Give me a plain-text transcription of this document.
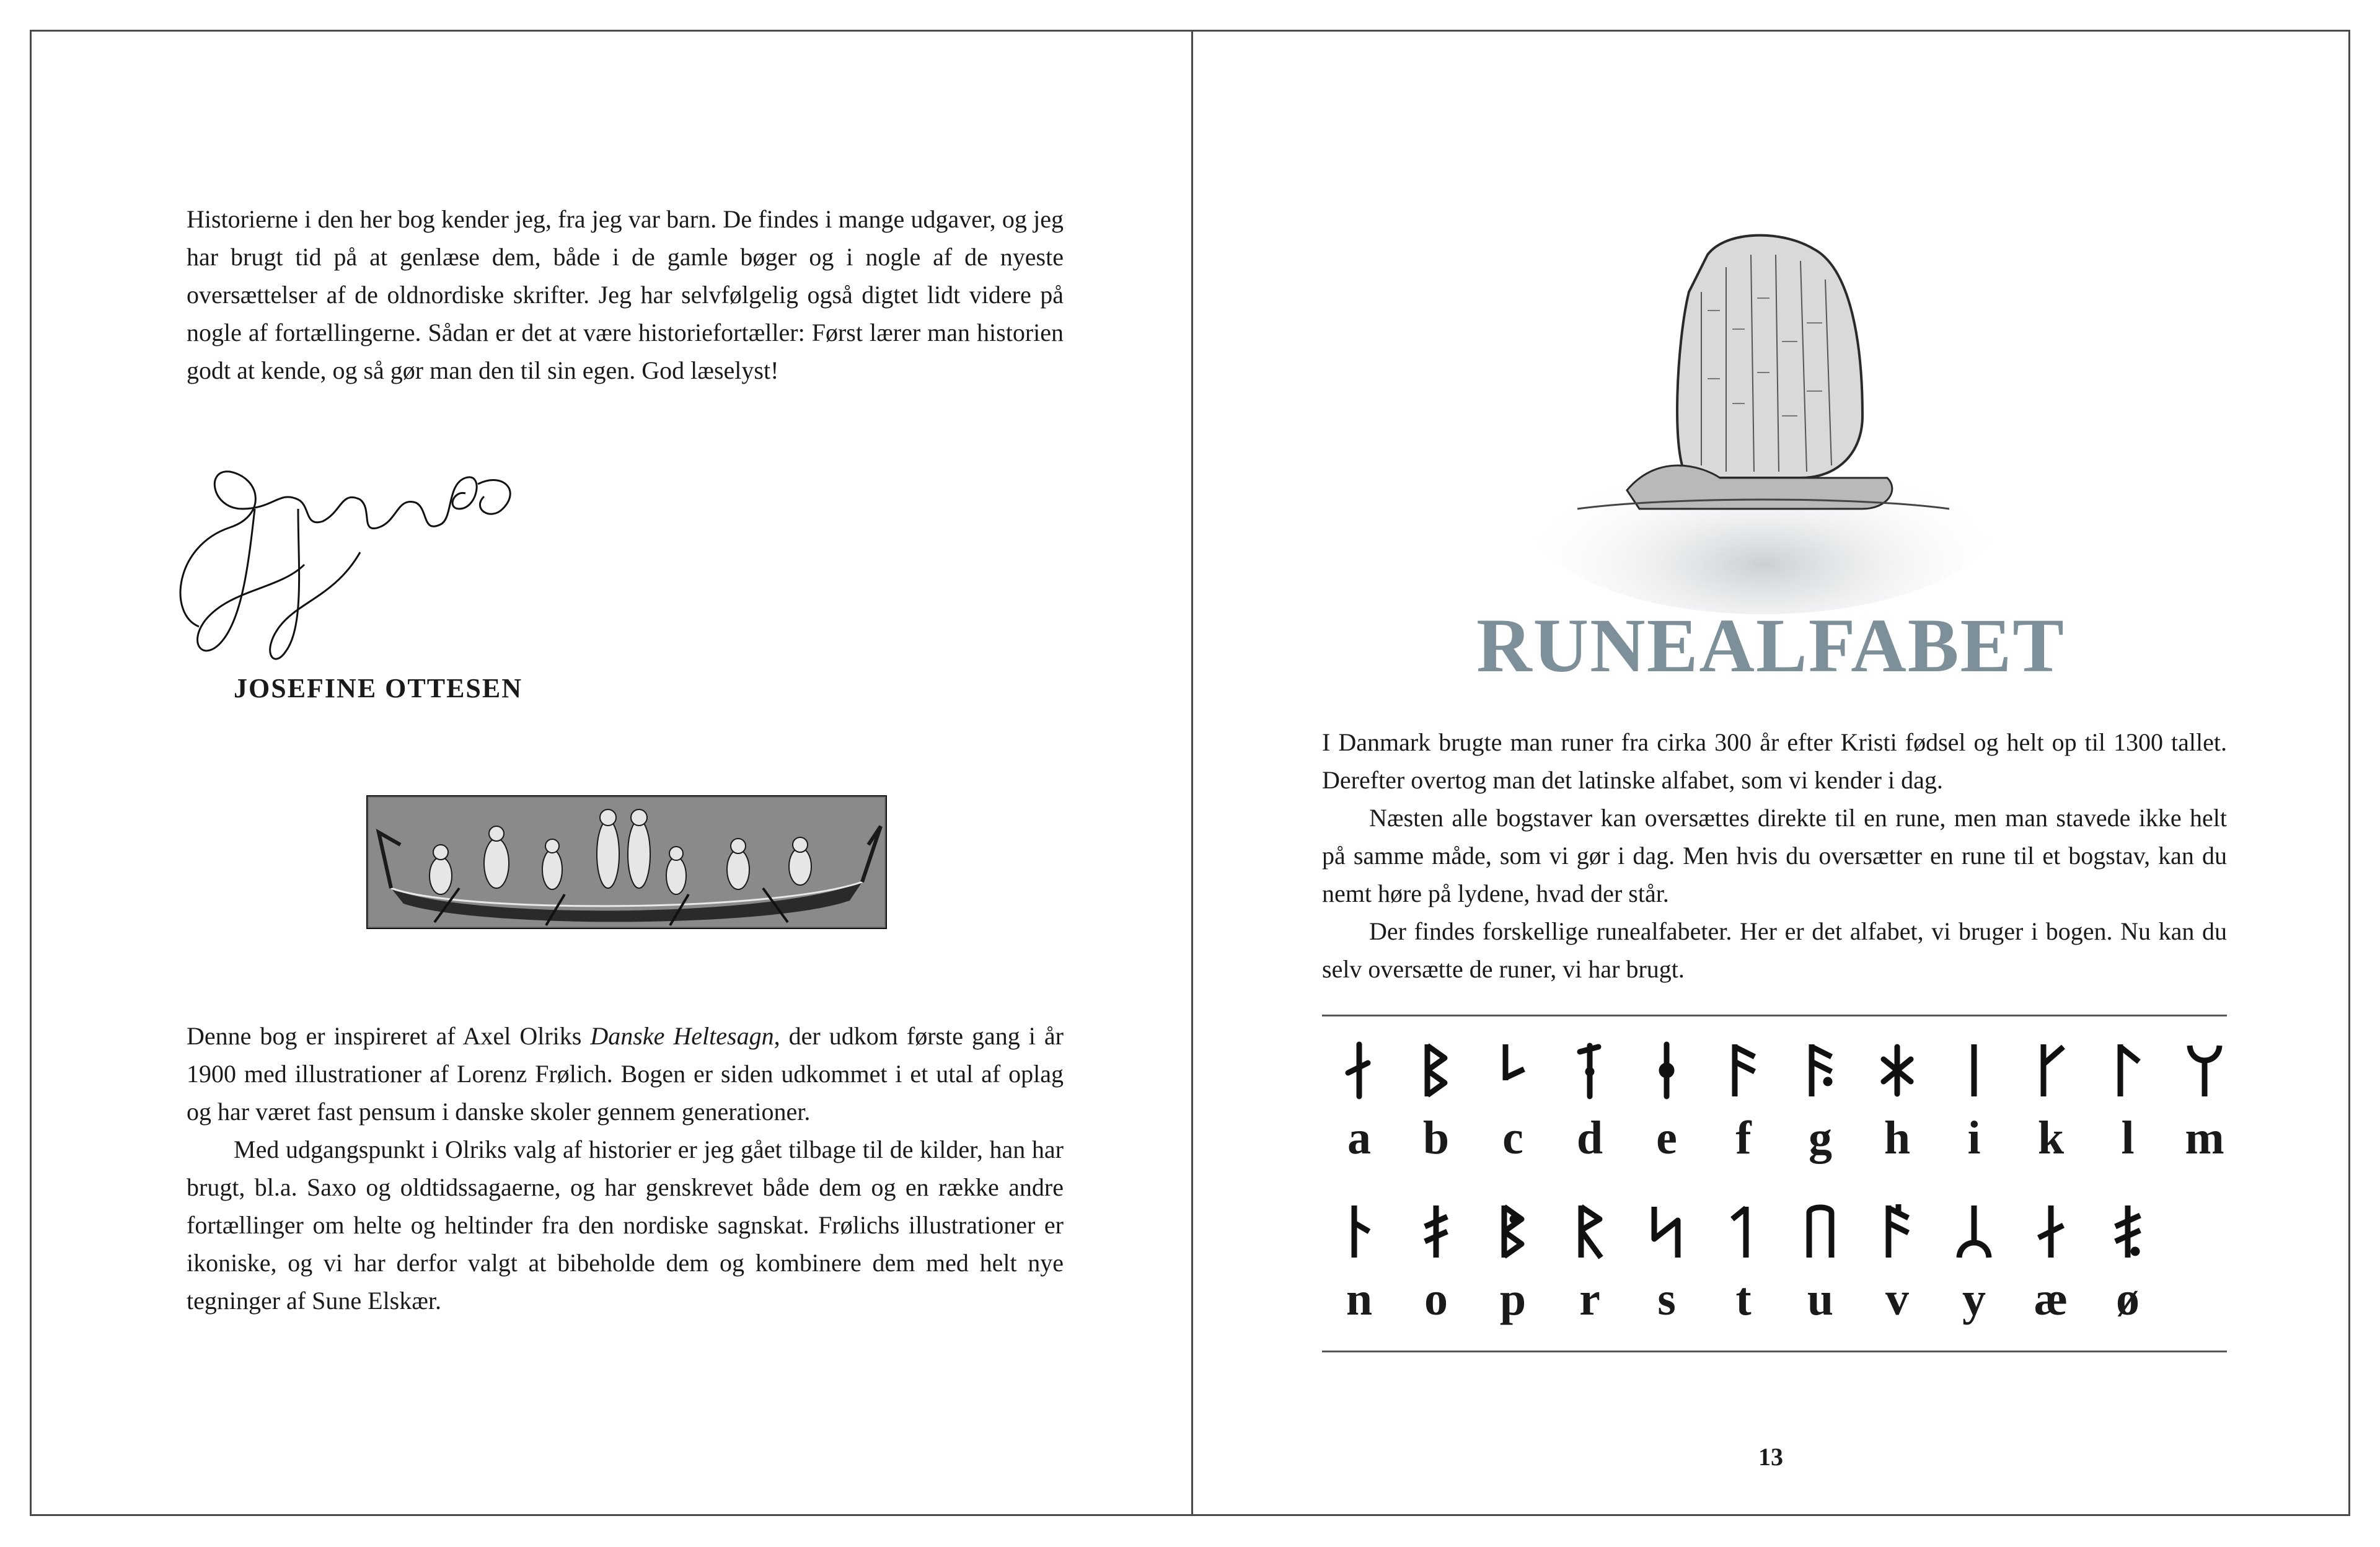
Historierne i den her bog kender jeg, fra jeg var barn. De findes i mange udgaver, og jeg har brugt tid på at genlæse dem, både i de gamle bøger og i nogle af de nyeste oversættelser af de oldnordiske skrifter. Jeg har selvfølgelig også digtet lidt videre på nogle af fortællingerne. Sådan er det at være historiefortæller: Først lærer man historien godt at kende, og så gør man den til sin egen. God læselyst!

JOSEFINE OTTESEN

Denne bog er inspireret af Axel Olriks Danske Heltesagn, der udkom første gang i år 1900 med illustrationer af Lorenz Frølich. Bogen er siden udkommet i et utal af oplag og har været fast pensum i danske skoler gennem generationer.

Med udgangspunkt i Olriks valg af historier er jeg gået tilbage til de kilder, han har brugt, bl.a. Saxo og oldtidssagaerne, og har genskrevet både dem og en række andre fortællinger om helte og heltinder fra den nordiske sagnskat. Frølichs illustrationer er ikoniske, og vi har derfor valgt at bibeholde dem og kombinere dem med helt nye tegninger af Sune Elskær.

RUNEALFABET

I Danmark brugte man runer fra cirka 300 år efter Kristi fødsel og helt op til 1300 tallet. Derefter overtog man det latinske alfabet, som vi kender i dag.

Næsten alle bogstaver kan oversættes direkte til en rune, men man stavede ikke helt på samme måde, som vi gør i dag. Men hvis du oversætter en rune til et bogstav, kan du nemt høre på lydene, hvad der står.

Der findes forskellige runealfabeter. Her er det alfabet, vi bruger i bogen. Nu kan du selv oversætte de runer, vi har brugt.

a	b	c	d	e	f	g	h	i	k	l	m
n	o	p	r	s	t	u	v	y	æ	ø
13
